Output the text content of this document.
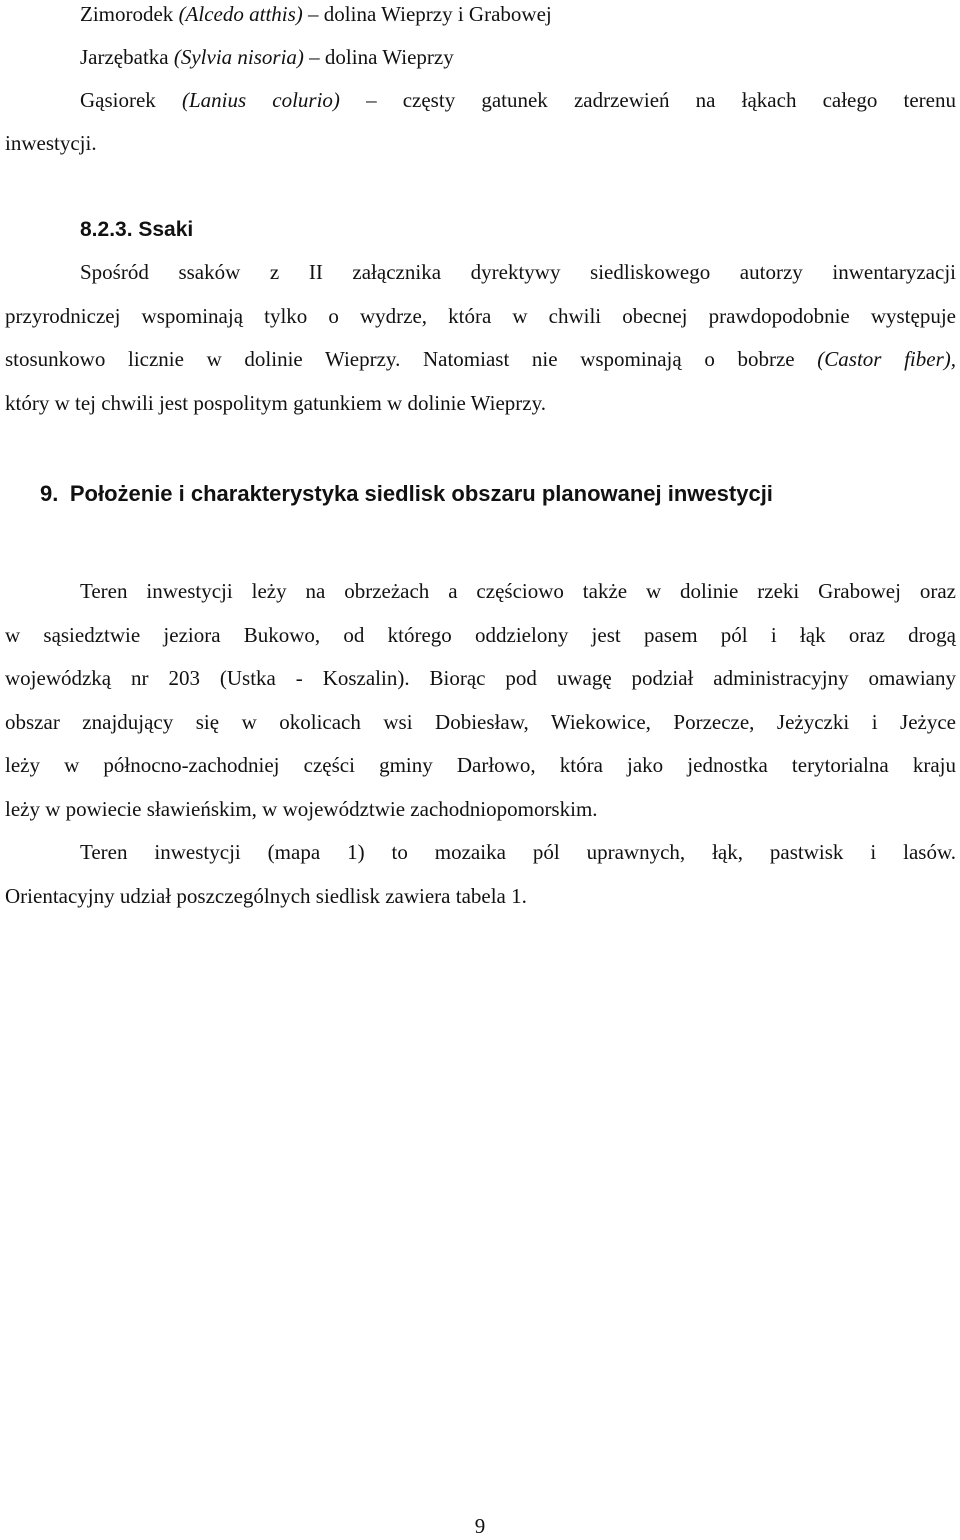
Zimorodek (Alcedo atthis) – dolina Wieprzy i Grabowej
Jarzębatka (Sylvia nisoria) – dolina Wieprzy
Gąsiorek (Lanius colurio) – częsty gatunek zadrzewień na łąkach całego terenu
inwestycji.
8.2.3. Ssaki
Spośród ssaków z II załącznika dyrektywy siedliskowego autorzy inwentaryzacji
przyrodniczej wspominają tylko o wydrze, która w chwili obecnej prawdopodobnie występuje
stosunkowo licznie w dolinie Wieprzy. Natomiast nie wspominają o bobrze (Castor fiber),
który w tej chwili jest pospolitym gatunkiem w dolinie Wieprzy.
9. Położenie i charakterystyka siedlisk obszaru planowanej inwestycji
Teren inwestycji leży na obrzeżach a częściowo także w dolinie rzeki Grabowej oraz
w sąsiedztwie jeziora Bukowo, od którego oddzielony jest pasem pól i łąk oraz drogą
wojewódzką nr 203 (Ustka - Koszalin). Biorąc pod uwagę podział administracyjny omawiany
obszar znajdujący się w okolicach wsi Dobiesław, Wiekowice, Porzecze, Jeżyczki i Jeżyce
leży w północno-zachodniej części gminy Darłowo, która jako jednostka terytorialna kraju
leży w powiecie sławieńskim, w województwie zachodniopomorskim.
Teren inwestycji (mapa 1) to mozaika pól uprawnych, łąk, pastwisk i lasów.
Orientacyjny udział poszczególnych siedlisk zawiera tabela 1.
9
